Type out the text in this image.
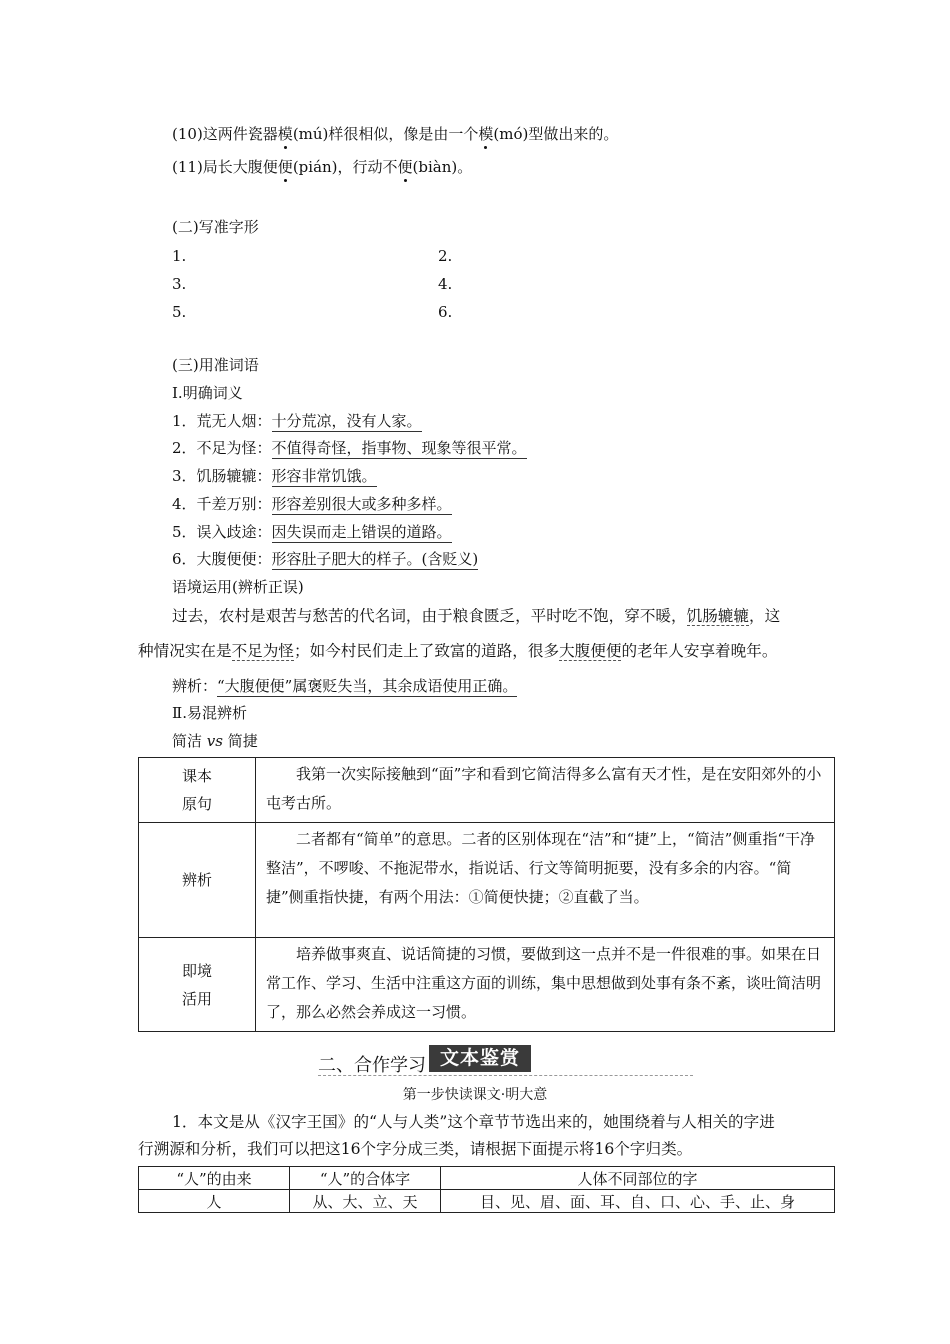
(10)这两件瓷器模(mú)样很相似，像是由一个模(mó)型做出来的。
(11)局长大腹便便(pián)，行动不便(biàn)。
(二)写准字形
1.	2.
3.	4.
5.	6.
(三)用准词语
Ⅰ.明确词义
1．荒无人烟：十分荒凉，没有人家。
2．不足为怪：不值得奇怪，指事物、现象等很平常。
3．饥肠辘辘：形容非常饥饿。
4．千差万别：形容差别很大或多种多样。
5．误入歧途：因失误而走上错误的道路。
6．大腹便便：形容肚子肥大的样子。(含贬义)
语境运用(辨析正误)
过去，农村是艰苦与愁苦的代名词，由于粮食匮乏，平时吃不饱，穿不暖，饥肠辘辘，这
种情况实在是不足为怪；如今村民们走上了致富的道路，很多大腹便便的老年人安享着晚年。
辨析：“大腹便便”属褒贬失当，其余成语使用正确。
Ⅱ.易混辨析
简洁 vs 简捷
课本
原句	我第一次实际接触到“面”字和看到它简洁得多么富有天才性，是在安阳郊外的小屯考古所。

辨析	二者都有“简单”的意思。二者的区别体现在“洁”和“捷”上，“简洁”侧重指“干净整洁”，不啰唆、不拖泥带水，指说话、行文等简明扼要，没有多余的内容。“简捷”侧重指快捷，有两个用法：①简便快捷；②直截了当。

即境
活用	培养做事爽直、说话简捷的习惯，要做到这一点并不是一件很难的事。如果在日常工作、学习、生活中注重这方面的训练，集中思想做到处事有条不紊，谈吐简洁明了，那么必然会养成这一习惯。
二、合作学习 文本鉴赏
第一步快读课文·明大意
1．本文是从《汉字王国》的“人与人类”这个章节节选出来的，她围绕着与人相关的字进
行溯源和分析，我们可以把这16个字分成三类，请根据下面提示将16个字归类。
“人”的由来	“人”的合体字	人体不同部位的字
人	从、大、立、天	目、见、眉、面、耳、自、口、心、手、止、身
